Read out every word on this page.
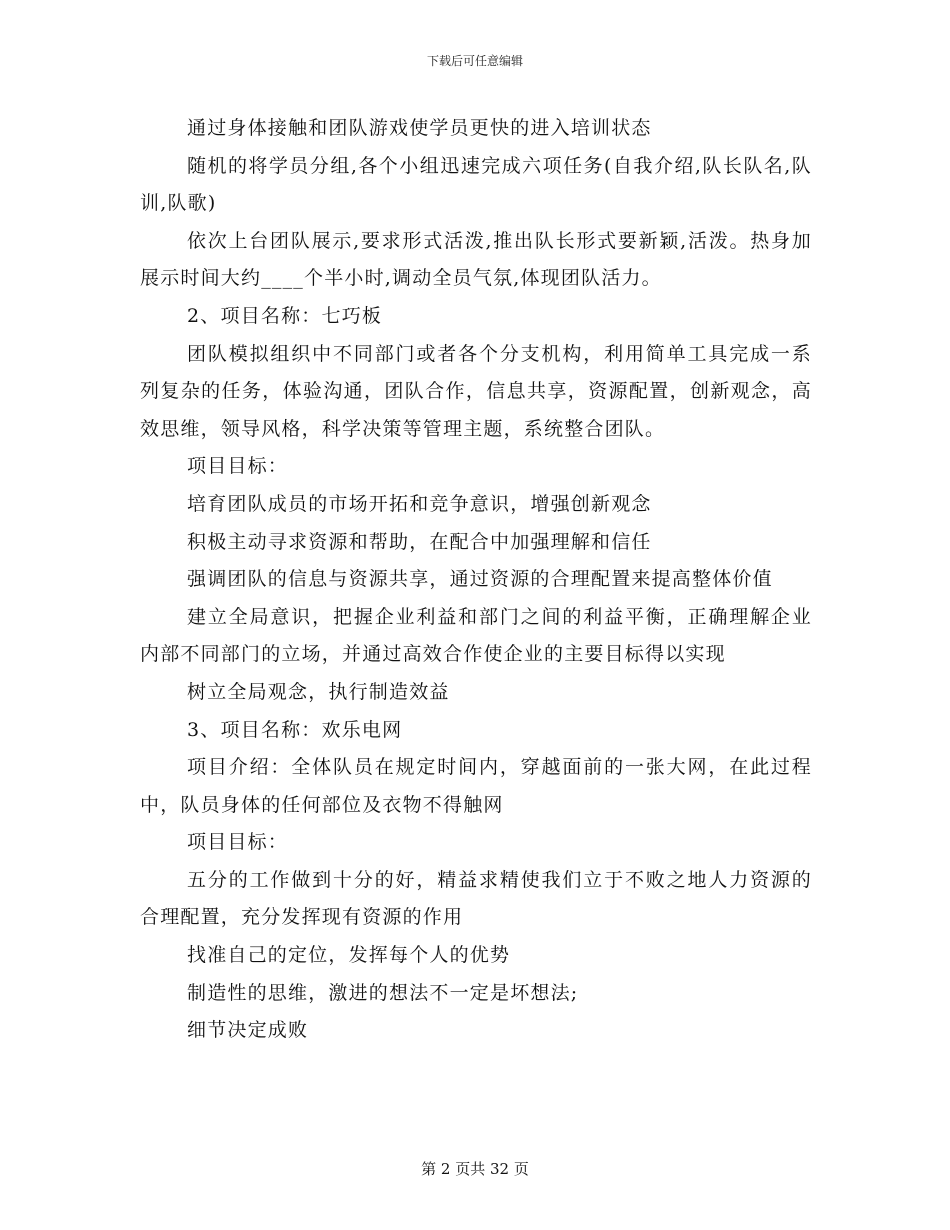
下载后可任意编辑

通过身体接触和团队游戏使学员更快的进入培训状态

随机的将学员分组,各个小组迅速完成六项任务(自我介绍,队长队名,队训,队歌)

依次上台团队展示,要求形式活泼,推出队长形式要新颖,活泼。热身加展示时间大约____个半小时,调动全员气氛,体现团队活力。

2、项目名称：七巧板

团队模拟组织中不同部门或者各个分支机构，利用简单工具完成一系列复杂的任务，体验沟通，团队合作，信息共享，资源配置，创新观念，高效思维，领导风格，科学决策等管理主题，系统整合团队。

项目目标：

培育团队成员的市场开拓和竞争意识，增强创新观念

积极主动寻求资源和帮助，在配合中加强理解和信任

强调团队的信息与资源共享，通过资源的合理配置来提高整体价值

建立全局意识，把握企业利益和部门之间的利益平衡，正确理解企业内部不同部门的立场，并通过高效合作使企业的主要目标得以实现

树立全局观念，执行制造效益

3、项目名称：欢乐电网

项目介绍：全体队员在规定时间内，穿越面前的一张大网，在此过程中，队员身体的任何部位及衣物不得触网

项目目标：

五分的工作做到十分的好，精益求精使我们立于不败之地人力资源的合理配置，充分发挥现有资源的作用

找准自己的定位，发挥每个人的优势

制造性的思维，激进的想法不一定是坏想法;

细节决定成败

第 2 页共 32 页
